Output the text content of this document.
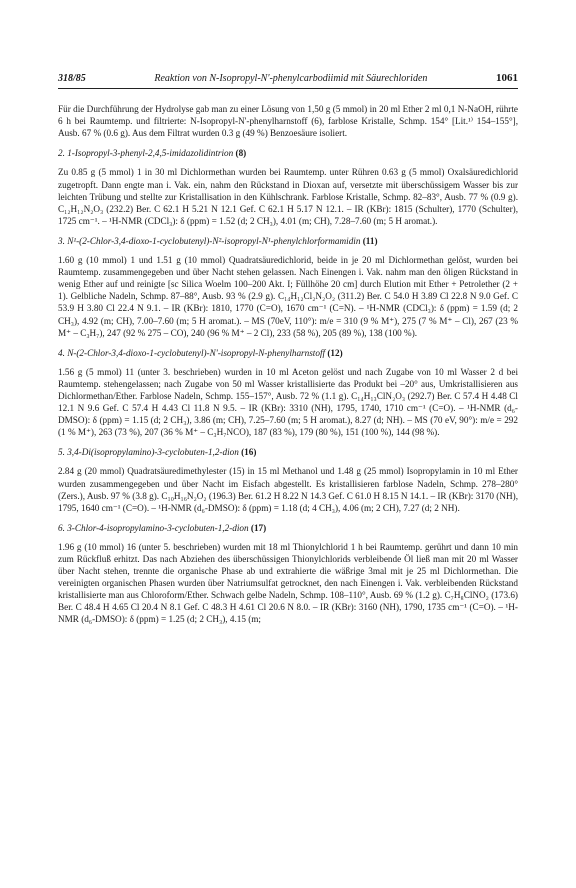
318/85	Reaktion von N-Isopropyl-N'-phenylcarbodiimid mit Säurechloriden	1061

Für die Durchführung der Hydrolyse gab man zu einer Lösung von 1,50 g (5 mmol) in 20 ml Ether 2 ml 0,1 N-NaOH, rührte 6 h bei Raumtemp. und filtrierte: N-Isopropyl-N'-phenylharnstoff (6), farblose Kristalle, Schmp. 154° [Lit.¹⁾ 154–155°], Ausb. 67 % (0.6 g). Aus dem Filtrat wurden 0.3 g (49 %) Benzoesäure isoliert.

2. 1-Isopropyl-3-phenyl-2,4,5-imidazolidintrion (8)

Zu 0.85 g (5 mmol) 1 in 30 ml Dichlormethan wurden bei Raumtemp. unter Rühren 0.63 g (5 mmol) Oxalsäuredichlorid zugetropft. Dann engte man i. Vak. ein, nahm den Rückstand in Dioxan auf, versetzte mit überschüssigem Wasser bis zur leichten Trübung und stellte zur Kristallisation in den Kühlschrank. Farblose Kristalle, Schmp. 82–83°, Ausb. 77 % (0.9 g). C₁₂H₁₂N₂O₃ (232.2) Ber. C 62.1 H 5.21 N 12.1 Gef. C 62.1 H 5.17 N 12.1. – IR (KBr): 1815 (Schulter), 1770 (Schulter), 1725 cm⁻¹. – ¹H-NMR (CDCl₃): δ (ppm) = 1.52 (d; 2 CH₃), 4.01 (m; CH), 7.28–7.60 (m; 5 H aromat.).

3. N¹-(2-Chlor-3,4-dioxo-1-cyclobutenyl)-N²-isopropyl-N¹-phenylchlorformamidin (11)

1.60 g (10 mmol) 1 und 1.51 g (10 mmol) Quadratsäuredichlorid, beide in je 20 ml Dichlormethan gelöst, wurden bei Raumtemp. zusammengegeben und über Nacht stehen gelassen. Nach Einengen i. Vak. nahm man den öligen Rückstand in wenig Ether auf und reinigte [sc Silica Woelm 100–200 Akt. I; Füllhöhe 20 cm] durch Elution mit Ether + Petrolether (2 + 1). Gelbliche Nadeln, Schmp. 87–88°, Ausb. 93 % (2.9 g). C₁₄H₁₂Cl₂N₂O₂ (311.2) Ber. C 54.0 H 3.89 Cl 22.8 N 9.0 Gef. C 53.9 H 3.80 Cl 22.4 N 9.1. – IR (KBr): 1810, 1770 (C=O), 1670 cm⁻¹ (C=N). – ¹H-NMR (CDCl₃): δ (ppm) = 1.59 (d; 2 CH₃), 4.92 (m; CH), 7.00–7.60 (m; 5 H aromat.). – MS (70eV, 110°): m/e = 310 (9 % M⁺), 275 (7 % M⁺ – Cl), 267 (23 % M⁺ – C₃H₇), 247 (92 % 275 – CO), 240 (96 % M⁺ – 2 Cl), 233 (58 %), 205 (89 %), 138 (100 %).

4. N-(2-Chlor-3,4-dioxo-1-cyclobutenyl)-N'-isopropyl-N-phenylharnstoff (12)

1.56 g (5 mmol) 11 (unter 3. beschrieben) wurden in 10 ml Aceton gelöst und nach Zugabe von 10 ml Wasser 2 d bei Raumtemp. stehengelassen; nach Zugabe von 50 ml Wasser kristallisierte das Produkt bei –20° aus, Umkristallisieren aus Dichlormethan/Ether. Farblose Nadeln, Schmp. 155–157°, Ausb. 72 % (1.1 g). C₁₄H₁₃ClN₂O₃ (292.7) Ber. C 57.4 H 4.48 Cl 12.1 N 9.6 Gef. C 57.4 H 4.43 Cl 11.8 N 9.5. – IR (KBr): 3310 (NH), 1795, 1740, 1710 cm⁻¹ (C=O). – ¹H-NMR (d₆-DMSO): δ (ppm) = 1.15 (d; 2 CH₃), 3.86 (m; CH), 7.25–7.60 (m; 5 H aromat.), 8.27 (d; NH). – MS (70 eV, 90°): m/e = 292 (1 % M⁺), 263 (73 %), 207 (36 % M⁺ – C₃H₇NCO), 187 (83 %), 179 (80 %), 151 (100 %), 144 (98 %).

5. 3,4-Di(isopropylamino)-3-cyclobuten-1,2-dion (16)

2.84 g (20 mmol) Quadratsäuredimethylester (15) in 15 ml Methanol und 1.48 g (25 mmol) Isopropylamin in 10 ml Ether wurden zusammengegeben und über Nacht im Eisfach abgestellt. Es kristallisieren farblose Nadeln, Schmp. 278–280° (Zers.), Ausb. 97 % (3.8 g). C₁₀H₁₆N₂O₂ (196.3) Ber. 61.2 H 8.22 N 14.3 Gef. C 61.0 H 8.15 N 14.1. – IR (KBr): 3170 (NH), 1795, 1640 cm⁻¹ (C=O). – ¹H-NMR (d₆-DMSO): δ (ppm) = 1.18 (d; 4 CH₃), 4.06 (m; 2 CH), 7.27 (d; 2 NH).

6. 3-Chlor-4-isopropylamino-3-cyclobuten-1,2-dion (17)

1.96 g (10 mmol) 16 (unter 5. beschrieben) wurden mit 18 ml Thionylchlorid 1 h bei Raumtemp. gerührt und dann 10 min zum Rückfluß erhitzt. Das nach Abziehen des überschüssigen Thionylchlorids verbleibende Öl ließ man mit 20 ml Wasser über Nacht stehen, trennte die organische Phase ab und extrahierte die wäßrige 3mal mit je 25 ml Dichlormethan. Die vereinigten organischen Phasen wurden über Natriumsulfat getrocknet, den nach Einengen i. Vak. verbleibenden Rückstand kristallisierte man aus Chloroform/Ether. Schwach gelbe Nadeln, Schmp. 108–110°, Ausb. 69 % (1.2 g). C₇H₈ClNO₂ (173.6) Ber. C 48.4 H 4.65 Cl 20.4 N 8.1 Gef. C 48.3 H 4.61 Cl 20.6 N 8.0. – IR (KBr): 3160 (NH), 1790, 1735 cm⁻¹ (C=O). – ¹H-NMR (d₆-DMSO): δ (ppm) = 1.25 (d; 2 CH₃), 4.15 (m;
